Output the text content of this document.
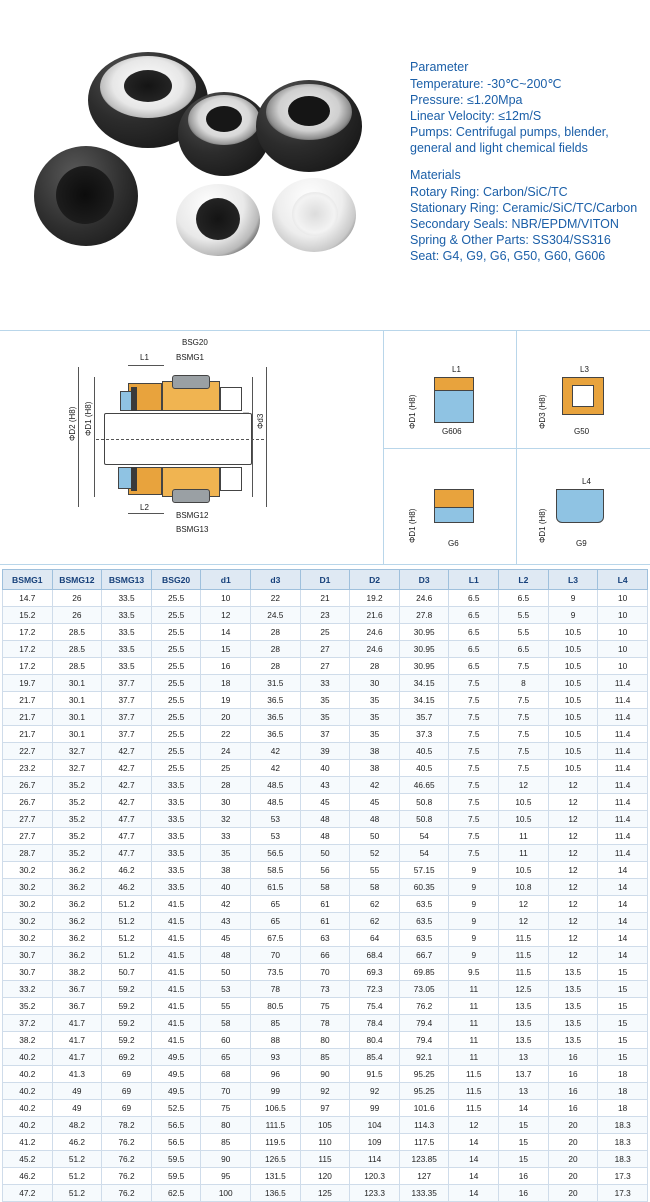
Parameter

Temperature: -30℃~200℃

Pressure: ≤1.20Mpa

Linear Velocity: ≤12m/S

Pumps: Centrifugal pumps, blender,

general and light chemical fields

Materials

Rotary Ring: Carbon/SiC/TC

Stationary Ring: Ceramic/SiC/TC/Carbon

Secondary Seals: NBR/EPDM/VITON

Spring & Other Parts: SS304/SS316

Seat: G4, G9, G6, G50, G60, G606

BSG20
BSMG1
L1
L2
BSMG12
BSMG13
ΦD1 (H8)
ΦD2 (H8)	Φd3
L1
ΦD1 (H8)
G606
L3
ΦD3 (H8)
G50
ΦD1 (H8)
G6
L4
ΦD1 (H8)
G9
BSMG1	BSMG12	BSMG13	BSG20	d1	d3	D1	D2	D3	L1	L2	L3	L4
14.7	26	33.5	25.5	10	22	21	19.2	24.6	6.5	6.5	9	10
15.2	26	33.5	25.5	12	24.5	23	21.6	27.8	6.5	5.5	9	10
17.2	28.5	33.5	25.5	14	28	25	24.6	30.95	6.5	5.5	10.5	10
17.2	28.5	33.5	25.5	15	28	27	24.6	30.95	6.5	6.5	10.5	10
17.2	28.5	33.5	25.5	16	28	27	28	30.95	6.5	7.5	10.5	10
19.7	30.1	37.7	25.5	18	31.5	33	30	34.15	7.5	8	10.5	11.4
21.7	30.1	37.7	25.5	19	36.5	35	35	34.15	7.5	7.5	10.5	11.4
21.7	30.1	37.7	25.5	20	36.5	35	35	35.7	7.5	7.5	10.5	11.4
21.7	30.1	37.7	25.5	22	36.5	37	35	37.3	7.5	7.5	10.5	11.4
22.7	32.7	42.7	25.5	24	42	39	38	40.5	7.5	7.5	10.5	11.4
23.2	32.7	42.7	25.5	25	42	40	38	40.5	7.5	7.5	10.5	11.4
26.7	35.2	42.7	33.5	28	48.5	43	42	46.65	7.5	12	12	11.4
26.7	35.2	42.7	33.5	30	48.5	45	45	50.8	7.5	10.5	12	11.4
27.7	35.2	47.7	33.5	32	53	48	48	50.8	7.5	10.5	12	11.4
27.7	35.2	47.7	33.5	33	53	48	50	54	7.5	11	12	11.4
28.7	35.2	47.7	33.5	35	56.5	50	52	54	7.5	11	12	11.4
30.2	36.2	46.2	33.5	38	58.5	56	55	57.15	9	10.5	12	14
30.2	36.2	46.2	33.5	40	61.5	58	58	60.35	9	10.8	12	14
30.2	36.2	51.2	41.5	42	65	61	62	63.5	9	12	12	14
30.2	36.2	51.2	41.5	43	65	61	62	63.5	9	12	12	14
30.2	36.2	51.2	41.5	45	67.5	63	64	63.5	9	11.5	12	14
30.7	36.2	51.2	41.5	48	70	66	68.4	66.7	9	11.5	12	14
30.7	38.2	50.7	41.5	50	73.5	70	69.3	69.85	9.5	11.5	13.5	15
33.2	36.7	59.2	41.5	53	78	73	72.3	73.05	11	12.5	13.5	15
35.2	36.7	59.2	41.5	55	80.5	75	75.4	76.2	11	13.5	13.5	15
37.2	41.7	59.2	41.5	58	85	78	78.4	79.4	11	13.5	13.5	15
38.2	41.7	59.2	41.5	60	88	80	80.4	79.4	11	13.5	13.5	15
40.2	41.7	69.2	49.5	65	93	85	85.4	92.1	11	13	16	15
40.2	41.3	69	49.5	68	96	90	91.5	95.25	11.5	13.7	16	18
40.2	49	69	49.5	70	99	92	92	95.25	11.5	13	16	18
40.2	49	69	52.5	75	106.5	97	99	101.6	11.5	14	16	18
40.2	48.2	78.2	56.5	80	111.5	105	104	114.3	12	15	20	18.3
41.2	46.2	76.2	56.5	85	119.5	110	109	117.5	14	15	20	18.3
45.2	51.2	76.2	59.5	90	126.5	115	114	123.85	14	15	20	18.3
46.2	51.2	76.2	59.5	95	131.5	120	120.3	127	14	16	20	17.3
47.2	51.2	76.2	62.5	100	136.5	125	123.3	133.35	14	16	20	17.3
